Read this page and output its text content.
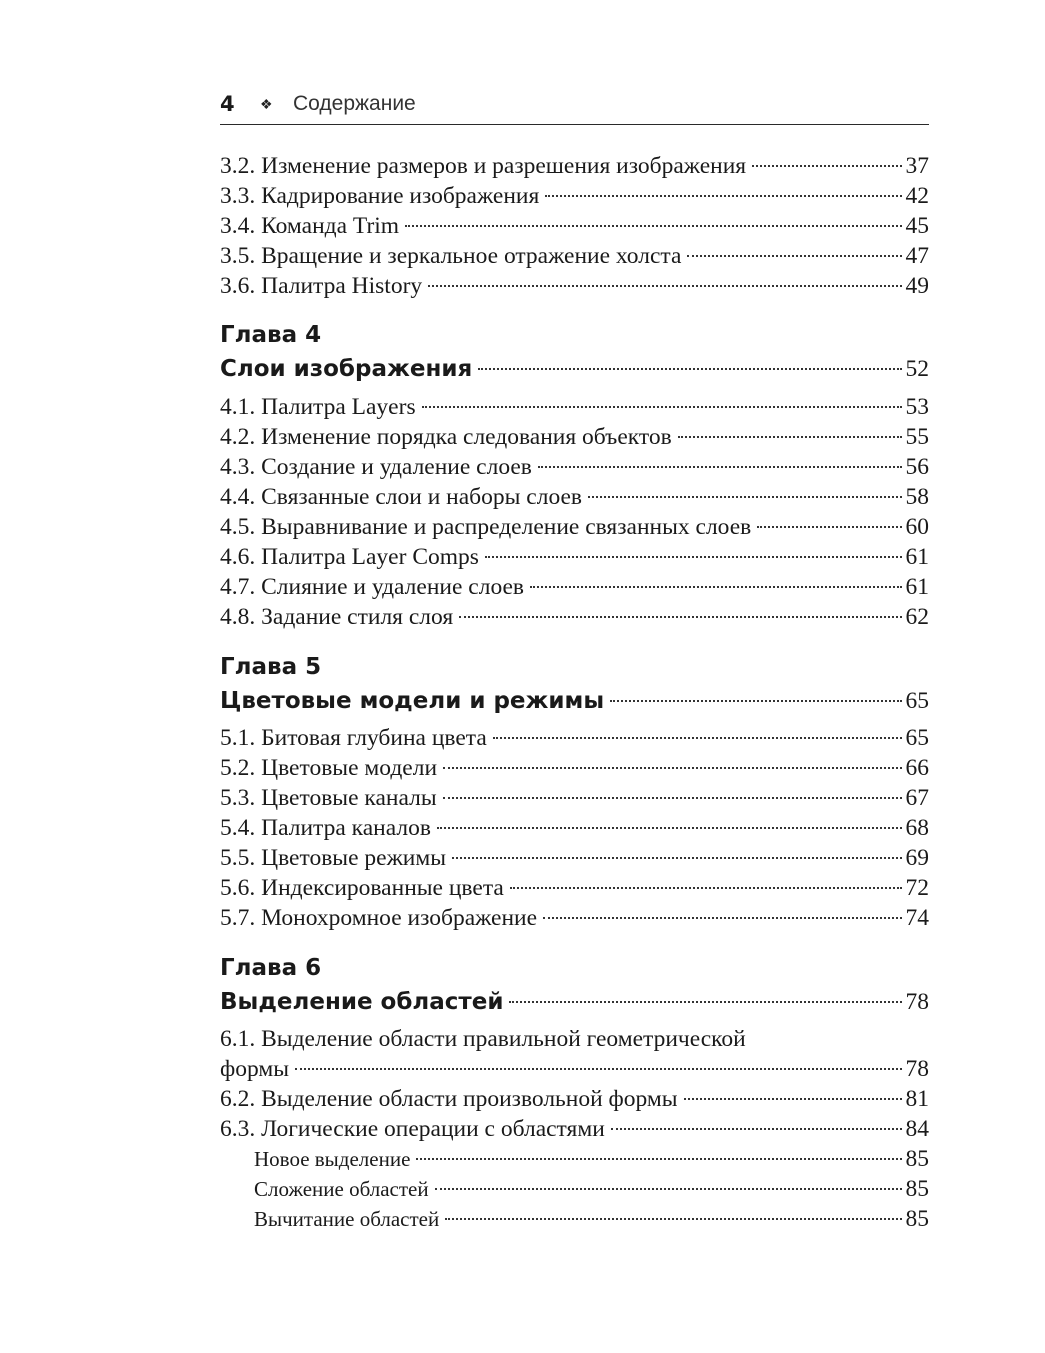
4 ❖ Содержание
3.2. Изменение размеров и разрешения изображения	37
3.3. Кадрирование изображения	42
3.4. Команда Trim	45
3.5. Вращение и зеркальное отражение холста	47
3.6. Палитра History	49
Глава 4
Слои изображения	52
4.1. Палитра Layers	53
4.2. Изменение порядка следования объектов	55
4.3. Создание и удаление слоев	56
4.4. Связанные слои и наборы слоев	58
4.5. Выравнивание и распределение связанных слоев	60
4.6. Палитра Layer Comps	61
4.7. Слияние и удаление слоев	61
4.8. Задание стиля слоя	62
Глава 5
Цветовые модели и режимы	65
5.1. Битовая глубина цвета	65
5.2. Цветовые модели	66
5.3. Цветовые каналы	67
5.4. Палитра каналов	68
5.5. Цветовые режимы	69
5.6. Индексированные цвета	72
5.7. Монохромное изображение	74
Глава 6
Выделение областей	78
6.1. Выделение области правильной геометрической
формы	78
6.2. Выделение области произвольной формы	81
6.3. Логические операции с областями	84
Новое выделение	85
Сложение областей	85
Вычитание областей	85
